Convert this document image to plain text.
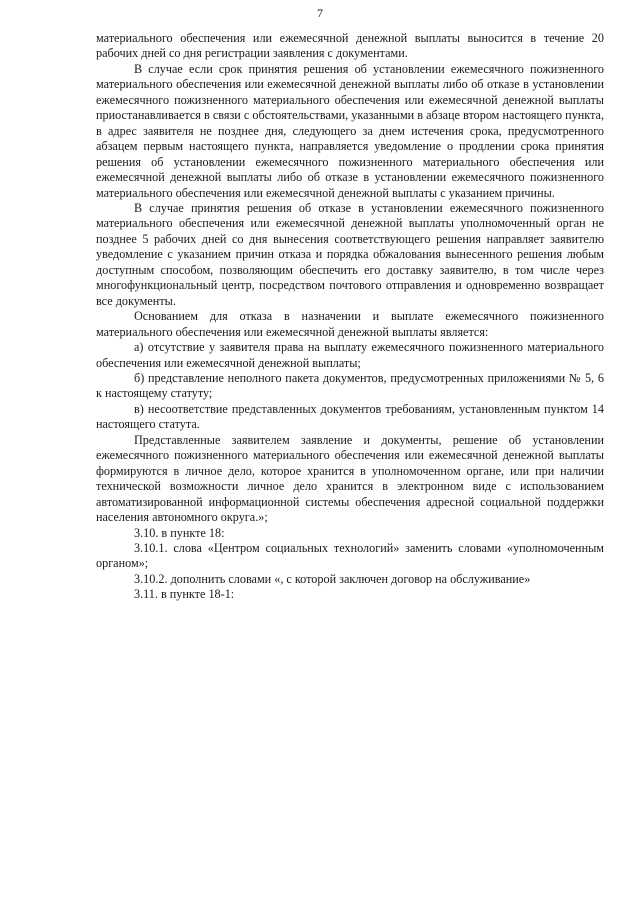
7

материального обеспечения или ежемесячной денежной выплаты выносится в течение 20 рабочих дней со дня регистрации заявления с документами.

В случае если срок принятия решения об установлении ежемесячного пожизненного материального обеспечения или ежемесячной денежной выплаты либо об отказе в установлении ежемесячного пожизненного материального обеспечения или ежемесячной денежной выплаты приостанавливается в связи с обстоятельствами, указанными в абзаце втором настоящего пункта, в адрес заявителя не позднее дня, следующего за днем истечения срока, предусмотренного абзацем первым настоящего пункта, направляется уведомление о продлении срока принятия решения об установлении ежемесячного пожизненного материального обеспечения или ежемесячной денежной выплаты либо об отказе в установлении ежемесячного пожизненного материального обеспечения или ежемесячной денежной выплаты с указанием причины.

В случае принятия решения об отказе в установлении ежемесячного пожизненного материального обеспечения или ежемесячной денежной выплаты уполномоченный орган не позднее 5 рабочих дней со дня вынесения соответствующего решения направляет заявителю уведомление с указанием причин отказа и порядка обжалования вынесенного решения любым доступным способом, позволяющим обеспечить его доставку заявителю, в том числе через многофункциональный центр, посредством почтового отправления и одновременно возвращает все документы.

Основанием для отказа в назначении и выплате ежемесячного пожизненного материального обеспечения или ежемесячной денежной выплаты является:

а) отсутствие у заявителя права на выплату ежемесячного пожизненного материального обеспечения или ежемесячной денежной выплаты;

б) представление неполного пакета документов, предусмотренных приложениями № 5, 6 к настоящему статуту;

в) несоответствие представленных документов требованиям, установленным пунктом 14 настоящего статута.

Представленные заявителем заявление и документы, решение об установлении ежемесячного пожизненного материального обеспечения или ежемесячной денежной выплаты формируются в личное дело, которое хранится в уполномоченном органе, или при наличии технической возможности личное дело хранится в электронном виде с использованием автоматизированной информационной системы обеспечения адресной социальной поддержки населения автономного округа.»;

3.10. в пункте 18:

3.10.1. слова «Центром социальных технологий» заменить словами «уполномоченным органом»;

3.10.2. дополнить словами «, с которой заключен договор на обслуживание»

3.11. в пункте 18-1:
